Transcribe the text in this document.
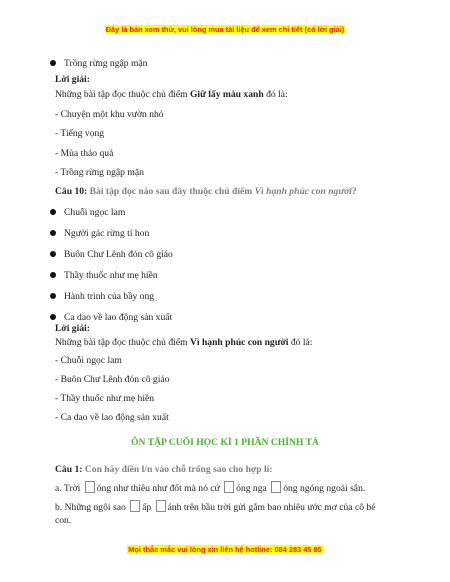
Đây là bản xem thử, vui lòng mua tài liệu để xem chi tiết (có lời giải)
Trồng rừng ngập mặn
Lời giải:
Những bài tập đọc thuộc chủ điểm Giữ lấy màu xanh đó là:
- Chuyện một khu vườn nhỏ
- Tiếng vọng
- Mùa thảo quả
- Trồng rừng ngập mặn
Câu 10: Bài tập đọc nào sau đây thuộc chủ điểm Vì hạnh phúc con người?
Chuỗi ngọc lam
Người gác rừng tí hon
Buôn Chư Lênh đón cô giáo
Thầy thuốc như mẹ hiền
Hành trình của bầy ong
Ca dao về lao động sản xuất
Lời giải:
Những bài tập đọc thuộc chủ điểm Vì hạnh phúc con người đó là:
- Chuỗi ngọc lam
- Buôn Chư Lênh đón cô giáo
- Thầy thuốc như mẹ hiền
- Ca dao về lao động sản xuất
ÔN TẬP CUỐI HỌC KÌ 1 PHẦN CHÍNH TẢ
Câu 1: Con hãy điền l/n vào chỗ trống sao cho hợp lí:
a. Trời óng như thiêu như đốt mà nó cứ óng nga óng ngóng ngoài sân.
b. Những ngôi sao ấp ánh trên bầu trời gửi gắm bao nhiêu ước mơ của cô bé
con.
Mọi thắc mắc vui lòng xin liên hệ hotline: 084 283 45 85
